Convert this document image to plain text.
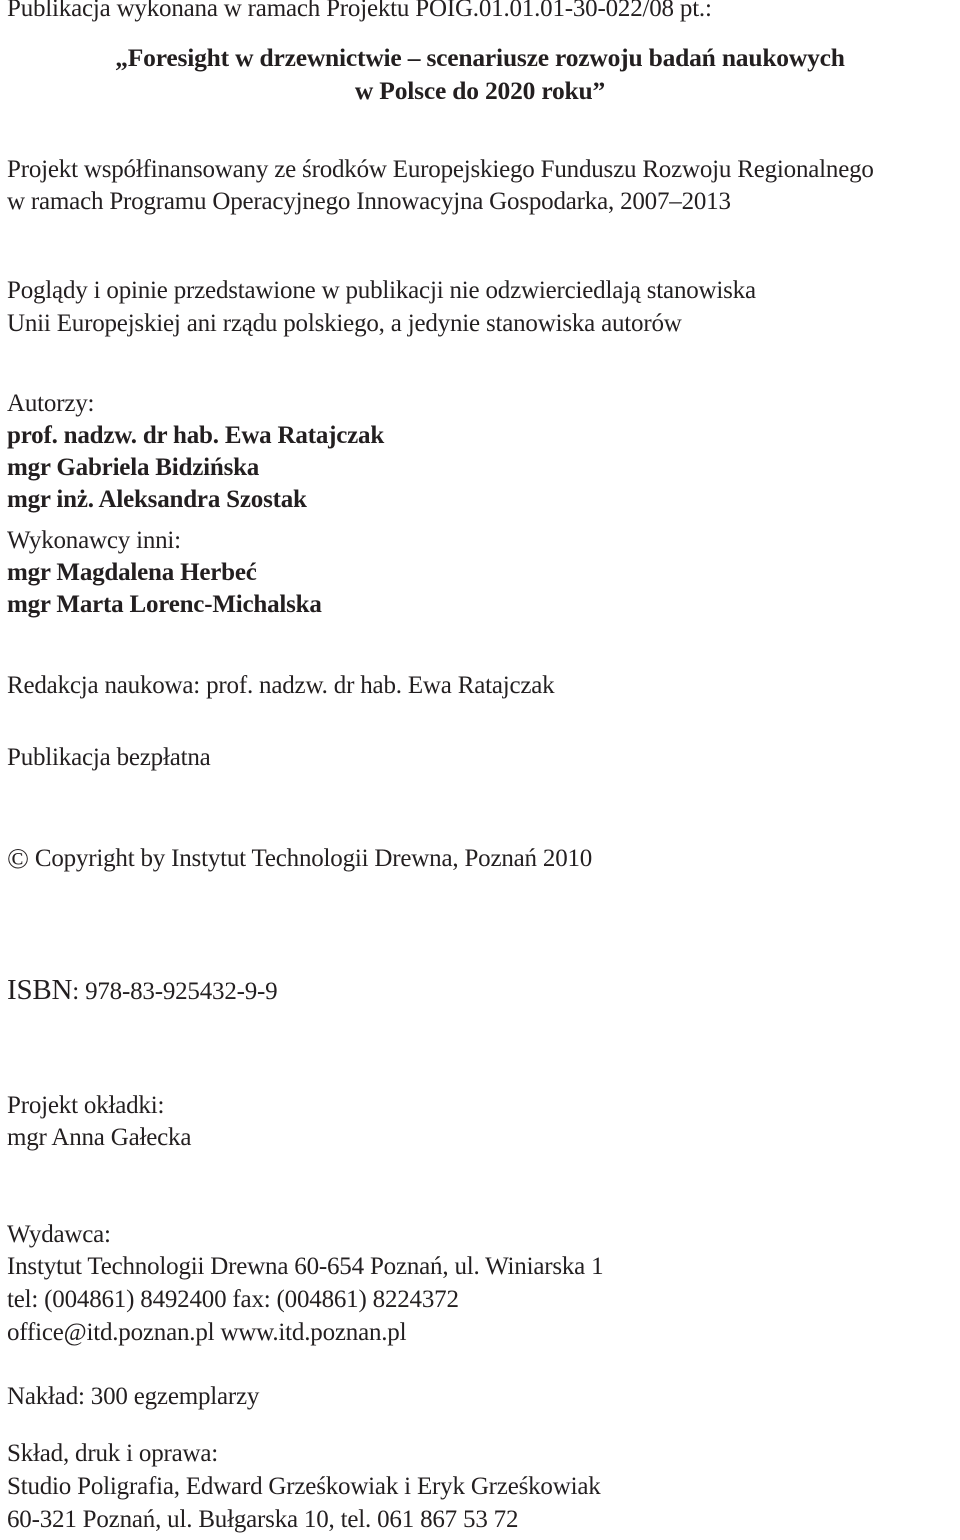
Publikacja wykonana w ramach Projektu POIG.01.01.01-30-022/08 pt.:
„Foresight w drzewnictwie – scenariusze rozwoju badań naukowych
w Polsce do 2020 roku”
Projekt współfinansowany ze środków Europejskiego Funduszu Rozwoju Regionalnego
w ramach Programu Operacyjnego Innowacyjna Gospodarka, 2007–2013
Poglądy i opinie przedstawione w publikacji nie odzwierciedlają stanowiska
Unii Europejskiej ani rządu polskiego, a jedynie stanowiska autorów
Autorzy:
prof. nadzw. dr hab. Ewa Ratajczak
mgr Gabriela Bidzińska
mgr inż. Aleksandra Szostak
Wykonawcy inni:
mgr Magdalena Herbeć
mgr Marta Lorenc-Michalska
Redakcja naukowa: prof. nadzw. dr hab. Ewa Ratajczak
Publikacja bezpłatna
© Copyright by Instytut Technologii Drewna, Poznań 2010
ISBN: 978-83-925432-9-9
Projekt okładki:
mgr Anna Gałecka
Wydawca:
Instytut Technologii Drewna 60-654 Poznań, ul. Winiarska 1
tel: (004861) 8492400 fax: (004861) 8224372
office@itd.poznan.pl www.itd.poznan.pl
Nakład: 300 egzemplarzy
Skład, druk i oprawa:
Studio Poligrafia, Edward Grześkowiak i Eryk Grześkowiak
60-321 Poznań, ul. Bułgarska 10, tel. 061 867 53 72
